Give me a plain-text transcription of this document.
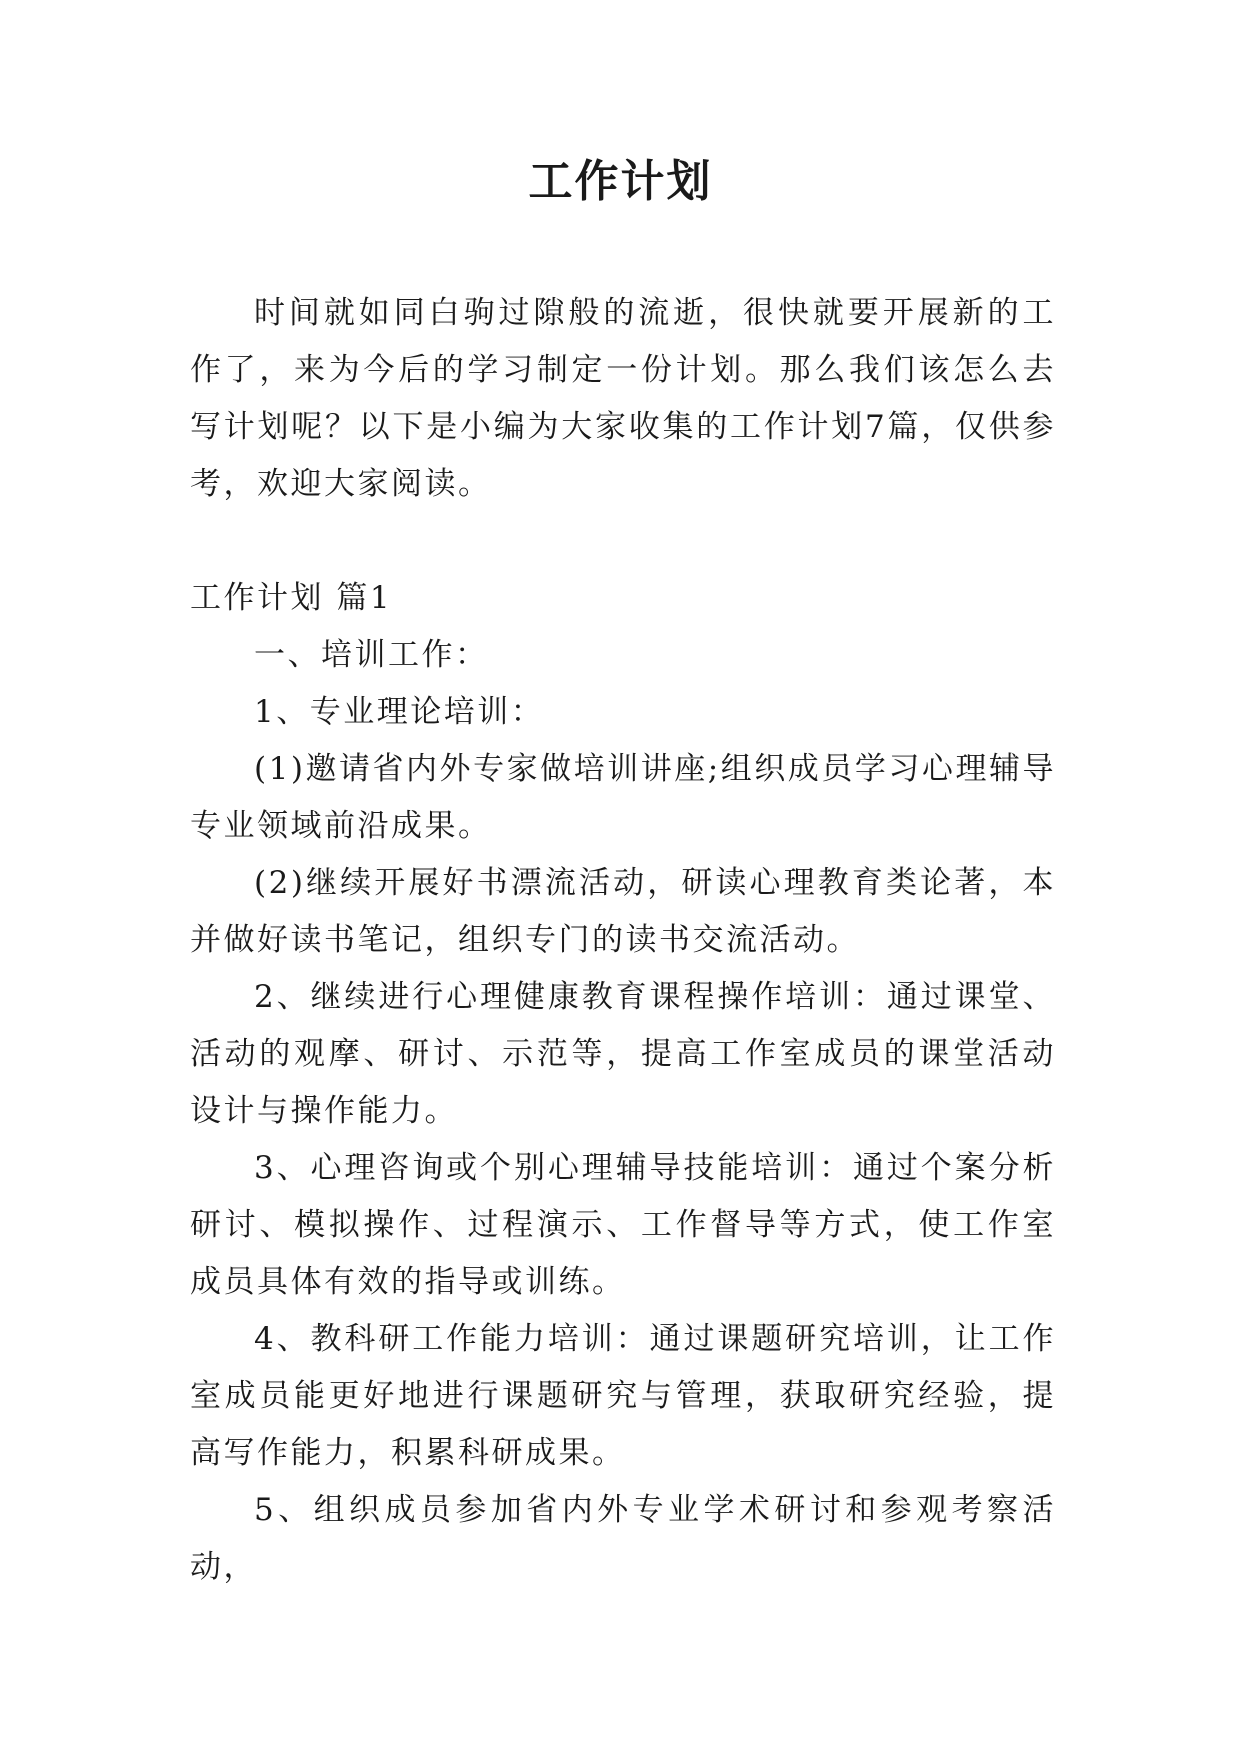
工作计划

时间就如同白驹过隙般的流逝，很快就要开展新的工作了，来为今后的学习制定一份计划。那么我们该怎么去写计划呢？以下是小编为大家收集的工作计划7篇，仅供参考，欢迎大家阅读。

工作计划 篇1

一、培训工作：

1、专业理论培训：

(1)邀请省内外专家做培训讲座;组织成员学习心理辅导专业领域前沿成果。

(2)继续开展好书漂流活动，研读心理教育类论著，本并做好读书笔记，组织专门的读书交流活动。

2、继续进行心理健康教育课程操作培训：通过课堂、活动的观摩、研讨、示范等，提高工作室成员的课堂活动设计与操作能力。

3、心理咨询或个别心理辅导技能培训：通过个案分析研讨、模拟操作、过程演示、工作督导等方式，使工作室成员具体有效的指导或训练。

4、教科研工作能力培训：通过课题研究培训，让工作室成员能更好地进行课题研究与管理，获取研究经验，提高写作能力，积累科研成果。

5、组织成员参加省内外专业学术研讨和参观考察活动，
